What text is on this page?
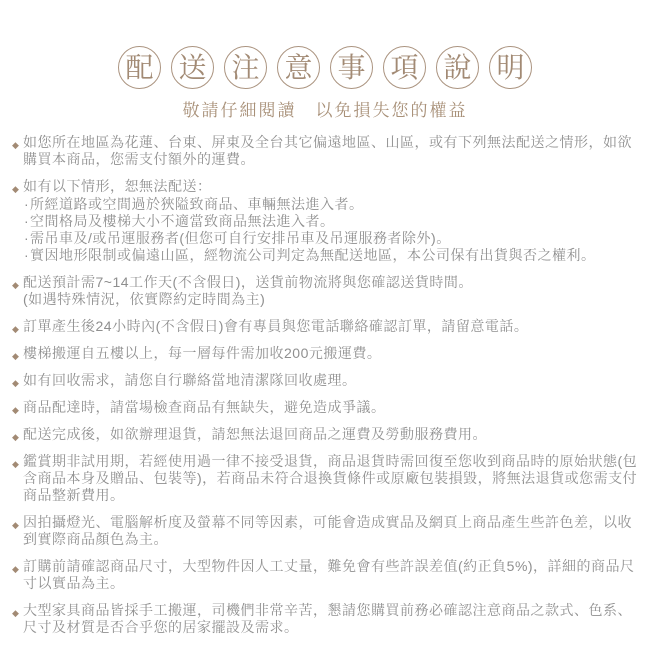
配 送 注 意 事 項 說 明
敬請仔細閱讀　以免損失您的權益
◆ 如您所在地區為花蓮、台東、屏東及全台其它偏遠地區、山區，或有下列無法配送之情形，如欲購買本商品，您需支付額外的運費。
◆ 如有以下情形，恕無法配送：
· 所經道路或空間過於狹隘致商品、車輛無法進入者。
· 空間格局及樓梯大小不適當致商品無法進入者。
· 需吊車及/或吊運服務者(但您可自行安排吊車及吊運服務者除外)。
· 實因地形限制或偏遠山區，經物流公司判定為無配送地區，本公司保有出貨與否之權利。
◆ 配送預計需7~14工作天(不含假日)，送貨前物流將與您確認送貨時間。
(如遇特殊情況，依實際約定時間為主)
◆ 訂單產生後24小時內(不含假日)會有專員與您電話聯絡確認訂單，請留意電話。
◆ 樓梯搬運自五樓以上，每一層每件需加收200元搬運費。
◆ 如有回收需求，請您自行聯絡當地清潔隊回收處理。
◆ 商品配達時，請當場檢查商品有無缺失，避免造成爭議。
◆ 配送完成後，如欲辦理退貨，請恕無法退回商品之運費及勞動服務費用。
◆ 鑑賞期非試用期，若經使用過一律不接受退貨，商品退貨時需回復至您收到商品時的原始狀態(包含商品本身及贈品、包裝等)，若商品未符合退換貨條件或原廠包裝損毀，將無法退貨或您需支付商品整新費用。
◆ 因拍攝燈光、電腦解析度及螢幕不同等因素，可能會造成實品及網頁上商品產生些許色差，以收到實際商品顏色為主。
◆ 訂購前請確認商品尺寸，大型物件因人工丈量，難免會有些許誤差值(約正負5%)，詳細的商品尺寸以實品為主。
◆ 大型家具商品皆採手工搬運，司機們非常辛苦，懇請您購買前務必確認注意商品之款式、色系、尺寸及材質是否合乎您的居家擺設及需求。
